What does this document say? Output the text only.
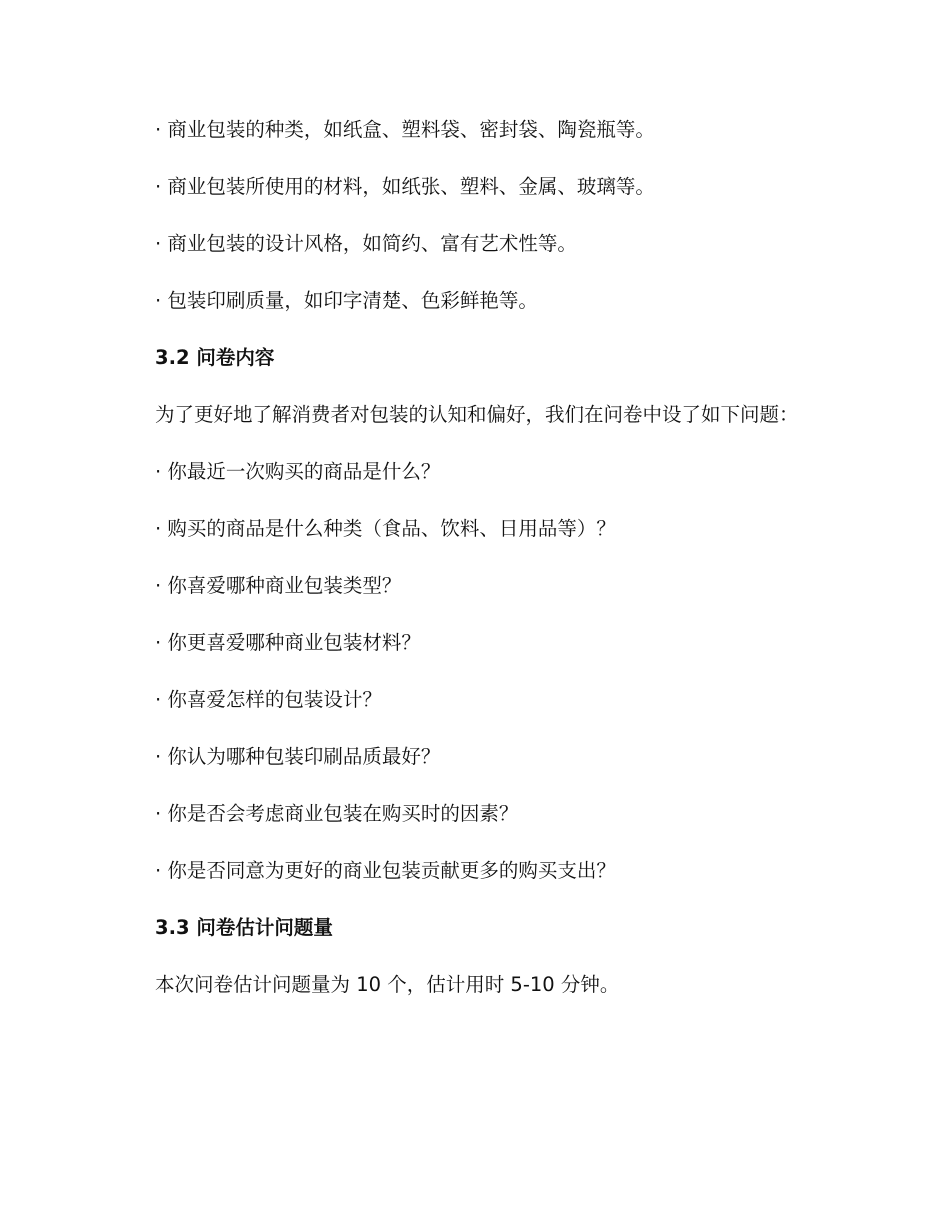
· 商业包装的种类，如纸盒、塑料袋、密封袋、陶瓷瓶等。

· 商业包装所使用的材料，如纸张、塑料、金属、玻璃等。

· 商业包装的设计风格，如简约、富有艺术性等。

· 包装印刷质量，如印字清楚、色彩鲜艳等。

3.2 问卷内容

为了更好地了解消费者对包装的认知和偏好，我们在问卷中设了如下问题：

· 你最近一次购买的商品是什么？

· 购买的商品是什么种类（食品、饮料、日用品等）？

· 你喜爱哪种商业包装类型？

· 你更喜爱哪种商业包装材料？

· 你喜爱怎样的包装设计？

· 你认为哪种包装印刷品质最好？

· 你是否会考虑商业包装在购买时的因素？

· 你是否同意为更好的商业包装贡献更多的购买支出？

3.3 问卷估计问题量

本次问卷估计问题量为 10 个，估计用时 5-10 分钟。
